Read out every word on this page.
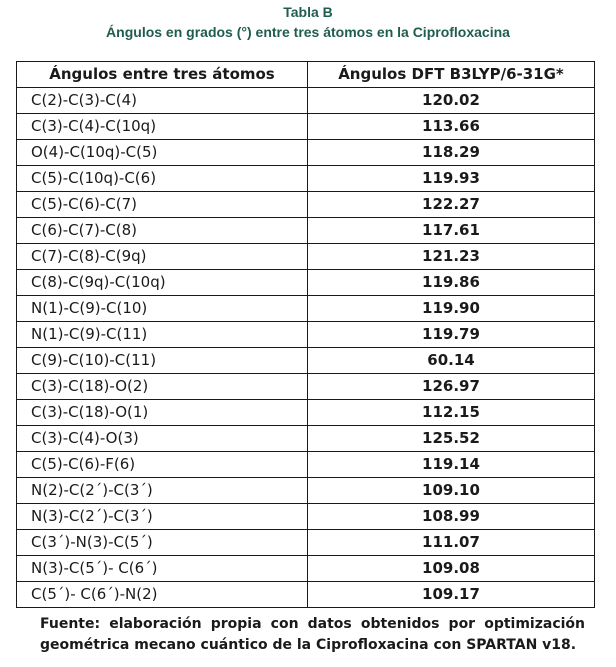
Tabla B
Ángulos en grados (°) entre tres átomos en la Ciprofloxacina
Ángulos entre tres átomos	Ángulos DFT B3LYP/6-31G*
C(2)-C(3)-C(4)	120.02
C(3)-C(4)-C(10q)	113.66
O(4)-C(10q)-C(5)	118.29
C(5)-C(10q)-C(6)	119.93
C(5)-C(6)-C(7)	122.27
C(6)-C(7)-C(8)	117.61
C(7)-C(8)-C(9q)	121.23
C(8)-C(9q)-C(10q)	119.86
N(1)-C(9)-C(10)	119.90
N(1)-C(9)-C(11)	119.79
C(9)-C(10)-C(11)	60.14
C(3)-C(18)-O(2)	126.97
C(3)-C(18)-O(1)	112.15
C(3)-C(4)-O(3)	125.52
C(5)-C(6)-F(6)	119.14
N(2)-C(2´)-C(3´)	109.10
N(3)-C(2´)-C(3´)	108.99
C(3´)-N(3)-C(5´)	111.07
N(3)-C(5´)- C(6´)	109.08
C(5´)- C(6´)-N(2)	109.17
Fuente: elaboración propia con datos obtenidos por optimización geométrica mecano cuántico de la Ciprofloxacina con SPARTAN v18.
